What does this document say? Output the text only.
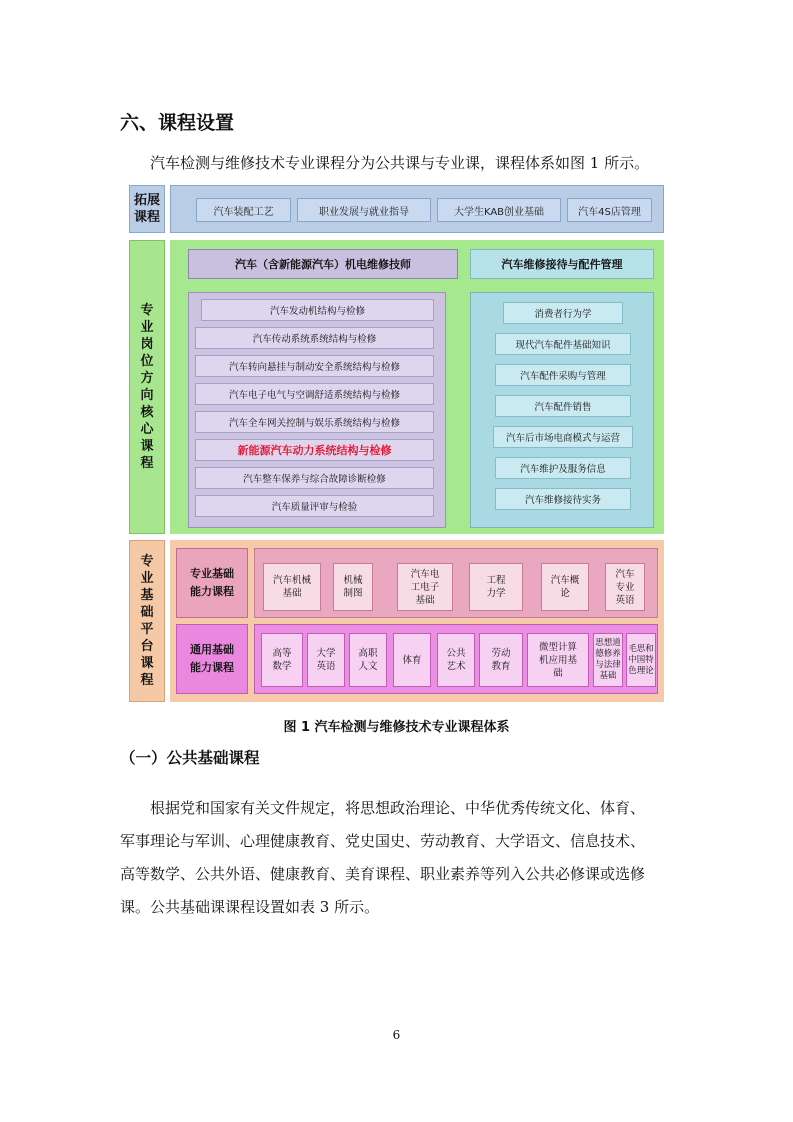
六、课程设置
汽车检测与维修技术专业课程分为公共课与专业课，课程体系如图 1 所示。
拓展
课程	汽车装配工艺	职业发展与就业指导	大学生KAB创业基础	汽车4S店管理
专
业
岗
位
方
向
核
心
课
程
汽车（含新能源汽车）机电维修技师	汽车维修接待与配件管理
汽车发动机结构与检修
汽车传动系统系统结构与检修
汽车转向悬挂与制动安全系统结构与检修
汽车电子电气与空调舒适系统结构与检修
汽车全车网关控制与娱乐系统结构与检修
新能源汽车动力系统结构与检修
汽车整车保养与综合故障诊断检修
汽车质量评审与检验
消费者行为学
现代汽车配件基础知识
汽车配件采购与管理
汽车配件销售
汽车后市场电商模式与运营
汽车维护及服务信息
汽车维修接待实务
专
业
基
础
平
台
课
程
专业基础
能力课程
汽车机械
基础
机械
制图
汽车电
工电子
基础
工程
力学
汽车概
论
汽车
专业
英语
通用基础
能力课程
高等
数学
大学
英语
高职
人文
体育
公共
艺术
劳动
教育
微型计算
机应用基
础
思想道
德修养
与法律
基础
毛思和
中国特
色理论
图 1 汽车检测与维修技术专业课程体系
（一）公共基础课程
根据党和国家有关文件规定，将思想政治理论、中华优秀传统文化、体育、
军事理论与军训、心理健康教育、党史国史、劳动教育、大学语文、信息技术、
高等数学、公共外语、健康教育、美育课程、职业素养等列入公共必修课或选修
课。公共基础课课程设置如表 3 所示。
6
